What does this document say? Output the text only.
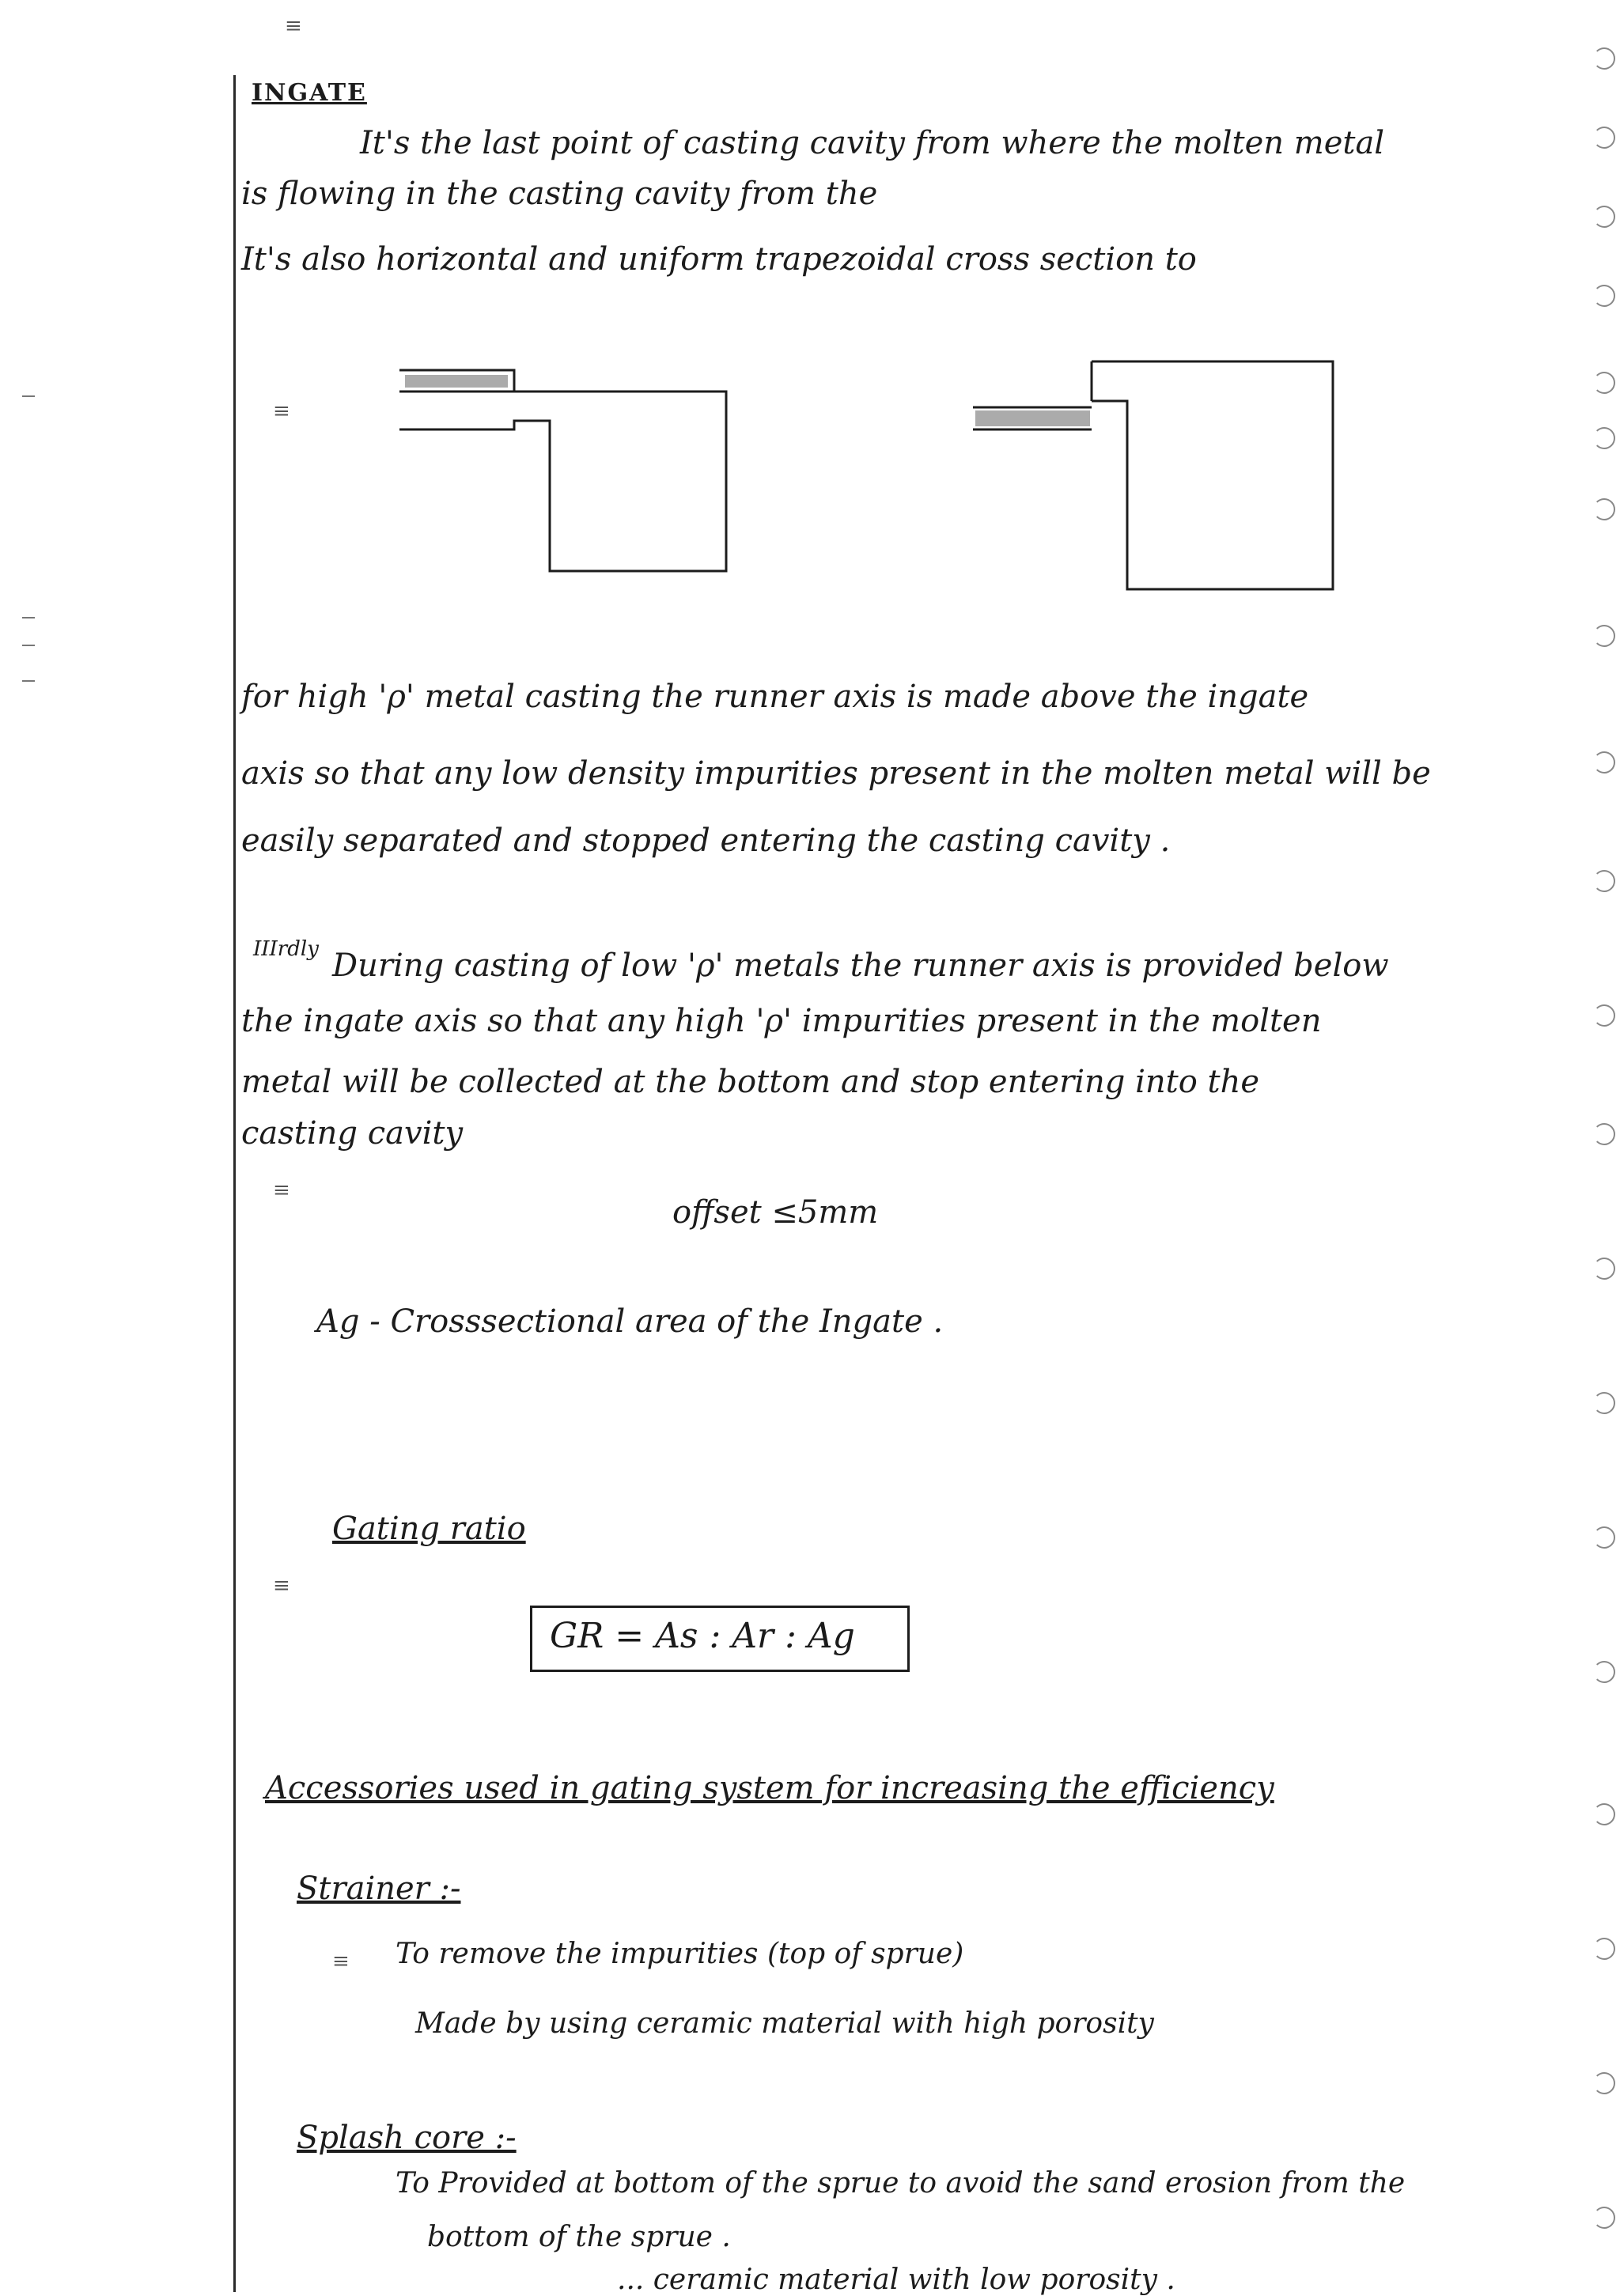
≡
INGATE
It's the last point of casting cavity from where the molten metal
is flowing in the casting cavity from the
It's also horizontal and uniform trapezoidal cross section to
for high 'ρ' metal casting the runner axis is made above the ingate
axis so that any low density impurities present in the molten metal will be
easily separated and stopped entering the casting cavity .
IIIrdly During casting of low 'ρ' metals the runner axis is provided below
the ingate axis so that any high 'ρ' impurities present in the molten
metal will be collected at the bottom and stop entering into the
casting cavity
offset ≤5mm
Ag - Crosssectional area of the Ingate .
Gating ratio
GR = As : Ar : Ag
Accessories used in gating system for increasing the efficiency
Strainer :-
To remove the impurities (top of sprue)
Made by using ceramic material with high porosity
Splash core :-
To Provided at bottom of the sprue to avoid the sand erosion from the
bottom of the sprue .
... ceramic material with low porosity .
≡
≡
≡
≡
